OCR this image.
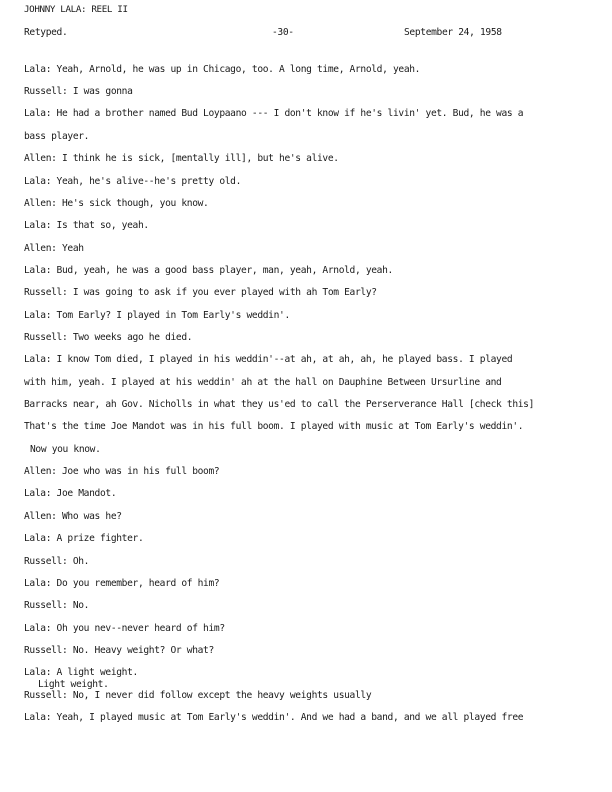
JOHNNY LALA: REEL II
Retyped.	-30-	September 24, 1958
Lala: Yeah, Arnold, he was up in Chicago, too. A long time, Arnold, yeah.
Russell: I was gonna
Lala: He had a brother named Bud Loypaano --- I don't know if he's livin' yet. Bud, he was a
bass player.
Allen: I think he is sick, [mentally ill], but he's alive.
Lala: Yeah, he's alive--he's pretty old.
Allen: He's sick though, you know.
Lala: Is that so, yeah.
Allen: Yeah
Lala: Bud, yeah, he was a good bass player, man, yeah, Arnold, yeah.
Russell: I was going to ask if you ever played with ah Tom Early?
Lala: Tom Early? I played in Tom Early's weddin'.
Russell: Two weeks ago he died.
Lala: I know Tom died, I played in his weddin'--at ah, at ah, ah, he played bass. I played
with him, yeah. I played at his weddin' ah at the hall on Dauphine Between Ursurline and
Barracks near, ah Gov. Nicholls in what they us'ed to call the Perserverance Hall [check this]
That's the time Joe Mandot was in his full boom. I played with music at Tom Early's weddin'.
Now you know.
Allen: Joe who was in his full boom?
Lala: Joe Mandot.
Allen: Who was he?
Lala: A prize fighter.
Russell: Oh.
Lala: Do you remember, heard of him?
Russell: No.
Lala: Oh you nev--never heard of him?
Russell: No. Heavy weight? Or what?
Lala: A light weight.
Light weight.
Russell: No, I never did follow except the heavy weights usually
Lala: Yeah, I played music at Tom Early's weddin'. And we had a band, and we all played free
